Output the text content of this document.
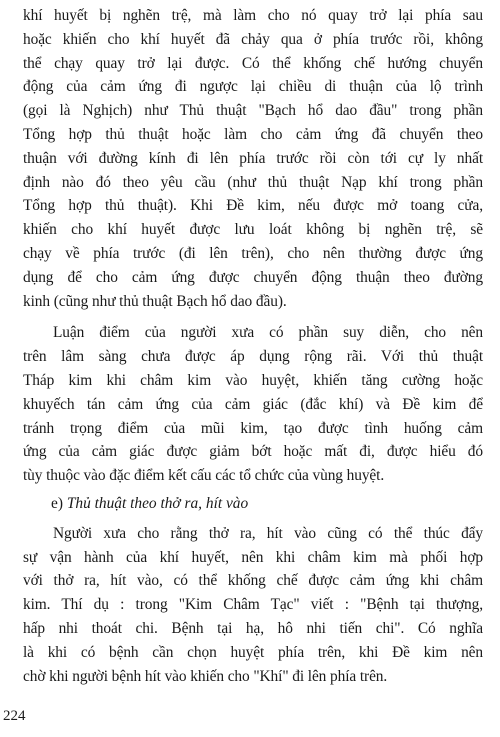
khí huyết bị nghẽn trệ, mà làm cho nó quay trở lại phía sau
hoặc khiến cho khí huyết đã chảy qua ở phía trước rồi, không
thể chạy quay trở lại được. Có thể khống chế hướng chuyển
động của cảm ứng đi ngược lại chiều di thuận của lộ trình
(gọi là Nghịch) như Thủ thuật "Bạch hổ dao đầu" trong phần
Tổng hợp thủ thuật hoặc làm cho cảm ứng đã chuyển theo
thuận với đường kính đi lên phía trước rồi còn tới cự ly nhất
định nào đó theo yêu cầu (như thủ thuật Nạp khí trong phần
Tổng hợp thủ thuật). Khi Đề kim, nếu được mở toang cửa,
khiến cho khí huyết được lưu loát không bị nghẽn trệ, sẽ
chạy về phía trước (đi lên trên), cho nên thường được ứng
dụng để cho cảm ứng được chuyển động thuận theo đường
kinh (cũng như thủ thuật Bạch hổ dao đầu).
Luận điểm của người xưa có phần suy diễn, cho nên
trên lâm sàng chưa được áp dụng rộng rãi. Với thủ thuật
Tháp kim khi châm kim vào huyệt, khiến tăng cường hoặc
khuyếch tán cảm ứng của cảm giác (đắc khí) và Đề kim để
tránh trọng điểm của mũi kim, tạo được tình huống cảm
ứng của cảm giác được giảm bớt hoặc mất đi, được hiểu đó
tùy thuộc vào đặc điểm kết cấu các tổ chức của vùng huyệt.
e) Thủ thuật theo thở ra, hít vào
Người xưa cho rằng thở ra, hít vào cũng có thể thúc đẩy
sự vận hành của khí huyết, nên khi châm kim mà phối hợp
với thở ra, hít vào, có thể khống chế được cảm ứng khi châm
kim. Thí dụ : trong "Kim Châm Tạc" viết : "Bệnh tại thượng,
hấp nhi thoát chi. Bệnh tại hạ, hô nhi tiến chi". Có nghĩa
là khi có bệnh cần chọn huyệt phía trên, khi Đề kim nên
chờ khi người bệnh hít vào khiến cho "Khí" đi lên phía trên.
224
